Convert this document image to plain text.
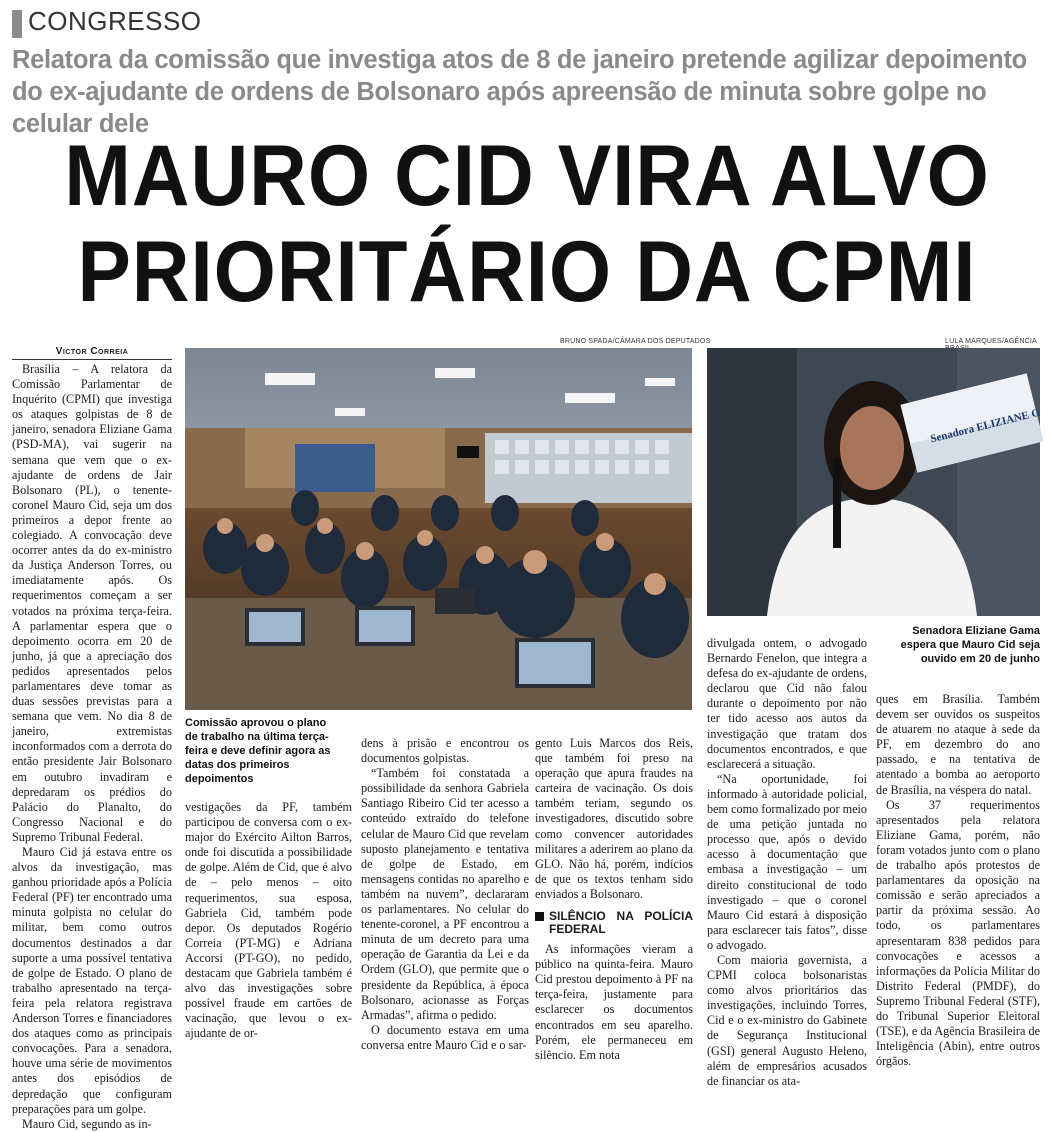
CONGRESSO
Relatora da comissão que investiga atos de 8 de janeiro pretende agilizar depoimento do ex-ajudante de ordens de Bolsonaro após apreensão de minuta sobre golpe no celular dele
MAURO CID VIRA ALVO
PRIORITÁRIO DA CPMI
Victor Correia
BRUNO SPADA/CÂMARA DOS DEPUTADOS	LULA MARQUES/AGÊNCIA
Senadora ELIZIANE G
Comissão aprovou o plano de trabalho na última terça-feira e deve definir agora as datas dos primeiros depoimentos
Senadora Eliziane Gama espera que Mauro Cid seja ouvido em 20 de junho

Brasília – A relatora da Comissão Parlamentar de Inquérito (CPMI) que investiga os ataques golpistas de 8 de janeiro, senadora Eliziane Gama (PSD-MA), vai sugerir na semana que vem que o ex-ajudante de ordens de Jair Bolsonaro (PL), o tenente-coronel Mauro Cid, seja um dos primeiros a depor frente ao colegiado. A convocação deve ocorrer antes da do ex-ministro da Justiça Anderson Torres, ou imediatamente após. Os requerimentos começam a ser votados na próxima terça-feira. A parlamentar espera que o depoimento ocorra em 20 de junho, já que a apreciação dos pedidos apresentados pelos parlamentares deve tomar as duas sessões previstas para a semana que vem. No dia 8 de janeiro, extremistas inconformados com a derrota do então presidente Jair Bolsonaro em outubro invadiram e depredaram os prédios do Palácio do Planalto, do Congresso Nacional e do Supremo Tribunal Federal.

Mauro Cid já estava entre os alvos da investigação, mas ganhou prioridade após a Polícia Federal (PF) ter encontrado uma minuta golpista no celular do militar, bem como outros documentos destinados a dar suporte a uma possível tentativa de golpe de Estado. O plano de trabalho apresentado na terça-feira pela relatora registrava Anderson Torres e financiadores dos ataques como as principais convocações. Para a senadora, houve uma série de movimentos antes dos episódios de depredação que configuram preparações para um golpe.

Mauro Cid, segundo as in-

vestigações da PF, também participou de conversa com o ex-major do Exército Ailton Barros, onde foi discutida a possibilidade de golpe. Além de Cid, que é alvo de – pelo menos – oito requerimentos, sua esposa, Gabriela Cid, também pode depor. Os deputados Rogério Correia (PT-MG) e Adriana Accorsi (PT-GO), no pedido, destacam que Gabriela também é alvo das investigações sobre possível fraude em cartões de vacinação, que levou o ex-ajudante de or-

dens à prisão e encontrou os documentos golpistas.

“Também foi constatada a possibilidade da senhora Gabriela Santiago Ribeiro Cid ter acesso a conteúdo extraído do telefone celular de Mauro Cid que revelam suposto planejamento e tentativa de golpe de Estado, em mensagens contidas no aparelho e também na nuvem”, declararam os parlamentares. No celular do tenente-coronel, a PF encontrou a minuta de um decreto para uma operação de Garantia da Lei e da Ordem (GLO), que permite que o presidente da República, à época Bolsonaro, acionasse as Forças Armadas”, afirma o pedido.

O documento estava em uma conversa entre Mauro Cid e o sar-

gento Luis Marcos dos Reis, que também foi preso na operação que apura fraudes na carteira de vacinação. Os dois também teriam, segundo os investigadores, discutido sobre como convencer autoridades militares a aderirem ao plano da GLO. Não há, porém, indícios de que os textos tenham sido enviados a Bolsonaro.

SILÊNCIO NA POLÍCIA FEDERAL

As informações vieram a público na quinta-feira. Mauro Cid prestou depoimento à PF na terça-feira, justamente para esclarecer os documentos encontrados em seu aparelho. Porém, ele permaneceu em silêncio. Em nota

divulgada ontem, o advogado Bernardo Fenelon, que integra a defesa do ex-ajudante de ordens, declarou que Cid não falou durante o depoimento por não ter tido acesso aos autos da investigação que tratam dos documentos encontrados, e que esclarecerá a situação.

“Na oportunidade, foi informado à autoridade policial, bem como formalizado por meio de uma petição juntada no processo que, após o devido acesso à documentação que embasa a investigação – um direito constitucional de todo investigado – que o coronel Mauro Cid estará à disposição para esclarecer tais fatos”, disse o advogado.

Com maioria governista, a CPMI coloca bolsonaristas como alvos prioritários das investigações, incluindo Torres, Cid e o ex-ministro do Gabinete de Segurança Institucional (GSI) general Augusto Heleno, além de empresários acusados de financiar os ata-

ques em Brasília. Também devem ser ouvidos os suspeitos de atuarem no ataque à sede da PF, em dezembro do ano passado, e na tentativa de atentado a bomba ao aeroporto de Brasília, na véspera do natal.

Os 37 requerimentos apresentados pela relatora Eliziane Gama, porém, não foram votados junto com o plano de trabalho após protestos de parlamentares da oposição na comissão e serão apreciados a partir da próxima sessão. Ao todo, os parlamentares apresentaram 838 pedidos para convocações e acessos a informações da Polícia Militar do Distrito Federal (PMDF), do Supremo Tribunal Federal (STF), do Tribunal Superior Eleitoral (TSE), e da Agência Brasileira de Inteligência (Abin), entre outros órgãos.
